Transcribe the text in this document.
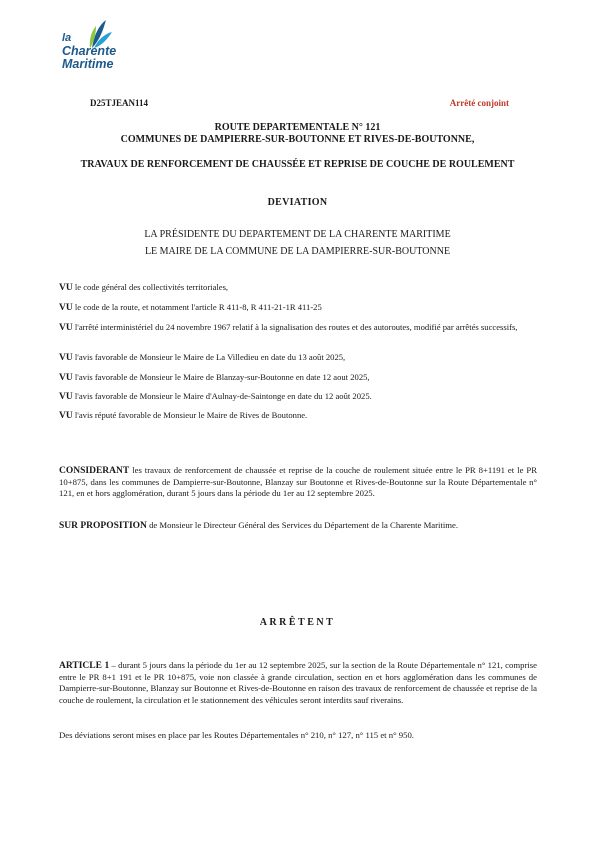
la
Charente
Maritime
D25TJEAN114	Arrêté conjoint
ROUTE DEPARTEMENTALE N° 121
COMMUNES DE DAMPIERRE-SUR-BOUTONNE ET RIVES-DE-BOUTONNE,
TRAVAUX DE RENFORCEMENT DE CHAUSSÉE ET REPRISE DE COUCHE DE ROULEMENT
DEVIATION
LA PRÉSIDENTE DU DEPARTEMENT DE LA CHARENTE MARITIME
LE MAIRE DE LA COMMUNE DE LA DAMPIERRE-SUR-BOUTONNE
VU le code général des collectivités territoriales,
VU le code de la route, et notamment l'article R 411-8, R 411-21-1R 411-25
VU l'arrêté interministériel du 24 novembre 1967 relatif à la signalisation des routes et des autoroutes, modifié par arrêtés successifs,
VU l'avis favorable de Monsieur le Maire de La Villedieu en date du 13 août 2025,
VU l'avis favorable de Monsieur le Maire de Blanzay-sur-Boutonne en date 12 aout 2025,
VU l'avis favorable de Monsieur le Maire d'Aulnay-de-Saintonge en date du 12 août 2025.
VU l'avis réputé favorable de Monsieur le Maire de Rives de Boutonne.
CONSIDERANT les travaux de renforcement de chaussée et reprise de la couche de roulement située entre le PR 8+1191 et le PR 10+875, dans les communes de Dampierre-sur-Boutonne, Blanzay sur Boutonne et Rives-de-Boutonne sur la Route Départementale n° 121, en et hors agglomération, durant 5 jours dans la période du 1er au 12 septembre 2025.
SUR PROPOSITION de Monsieur le Directeur Général des Services du Département de la Charente Maritime.
ARRÊTENT
ARTICLE 1 – durant 5 jours dans la période du 1er au 12 septembre 2025, sur la section de la Route Départementale n° 121, comprise entre le PR 8+1 191 et le PR 10+875, voie non classée à grande circulation, section en et hors agglomération dans les communes de Dampierre-sur-Boutonne, Blanzay sur Boutonne et Rives-de-Boutonne en raison des travaux de renforcement de chaussée et reprise de la couche de roulement, la circulation et le stationnement des véhicules seront interdits sauf riverains.
Des déviations seront mises en place par les Routes Départementales n° 210, n° 127, n° 115 et n° 950.
